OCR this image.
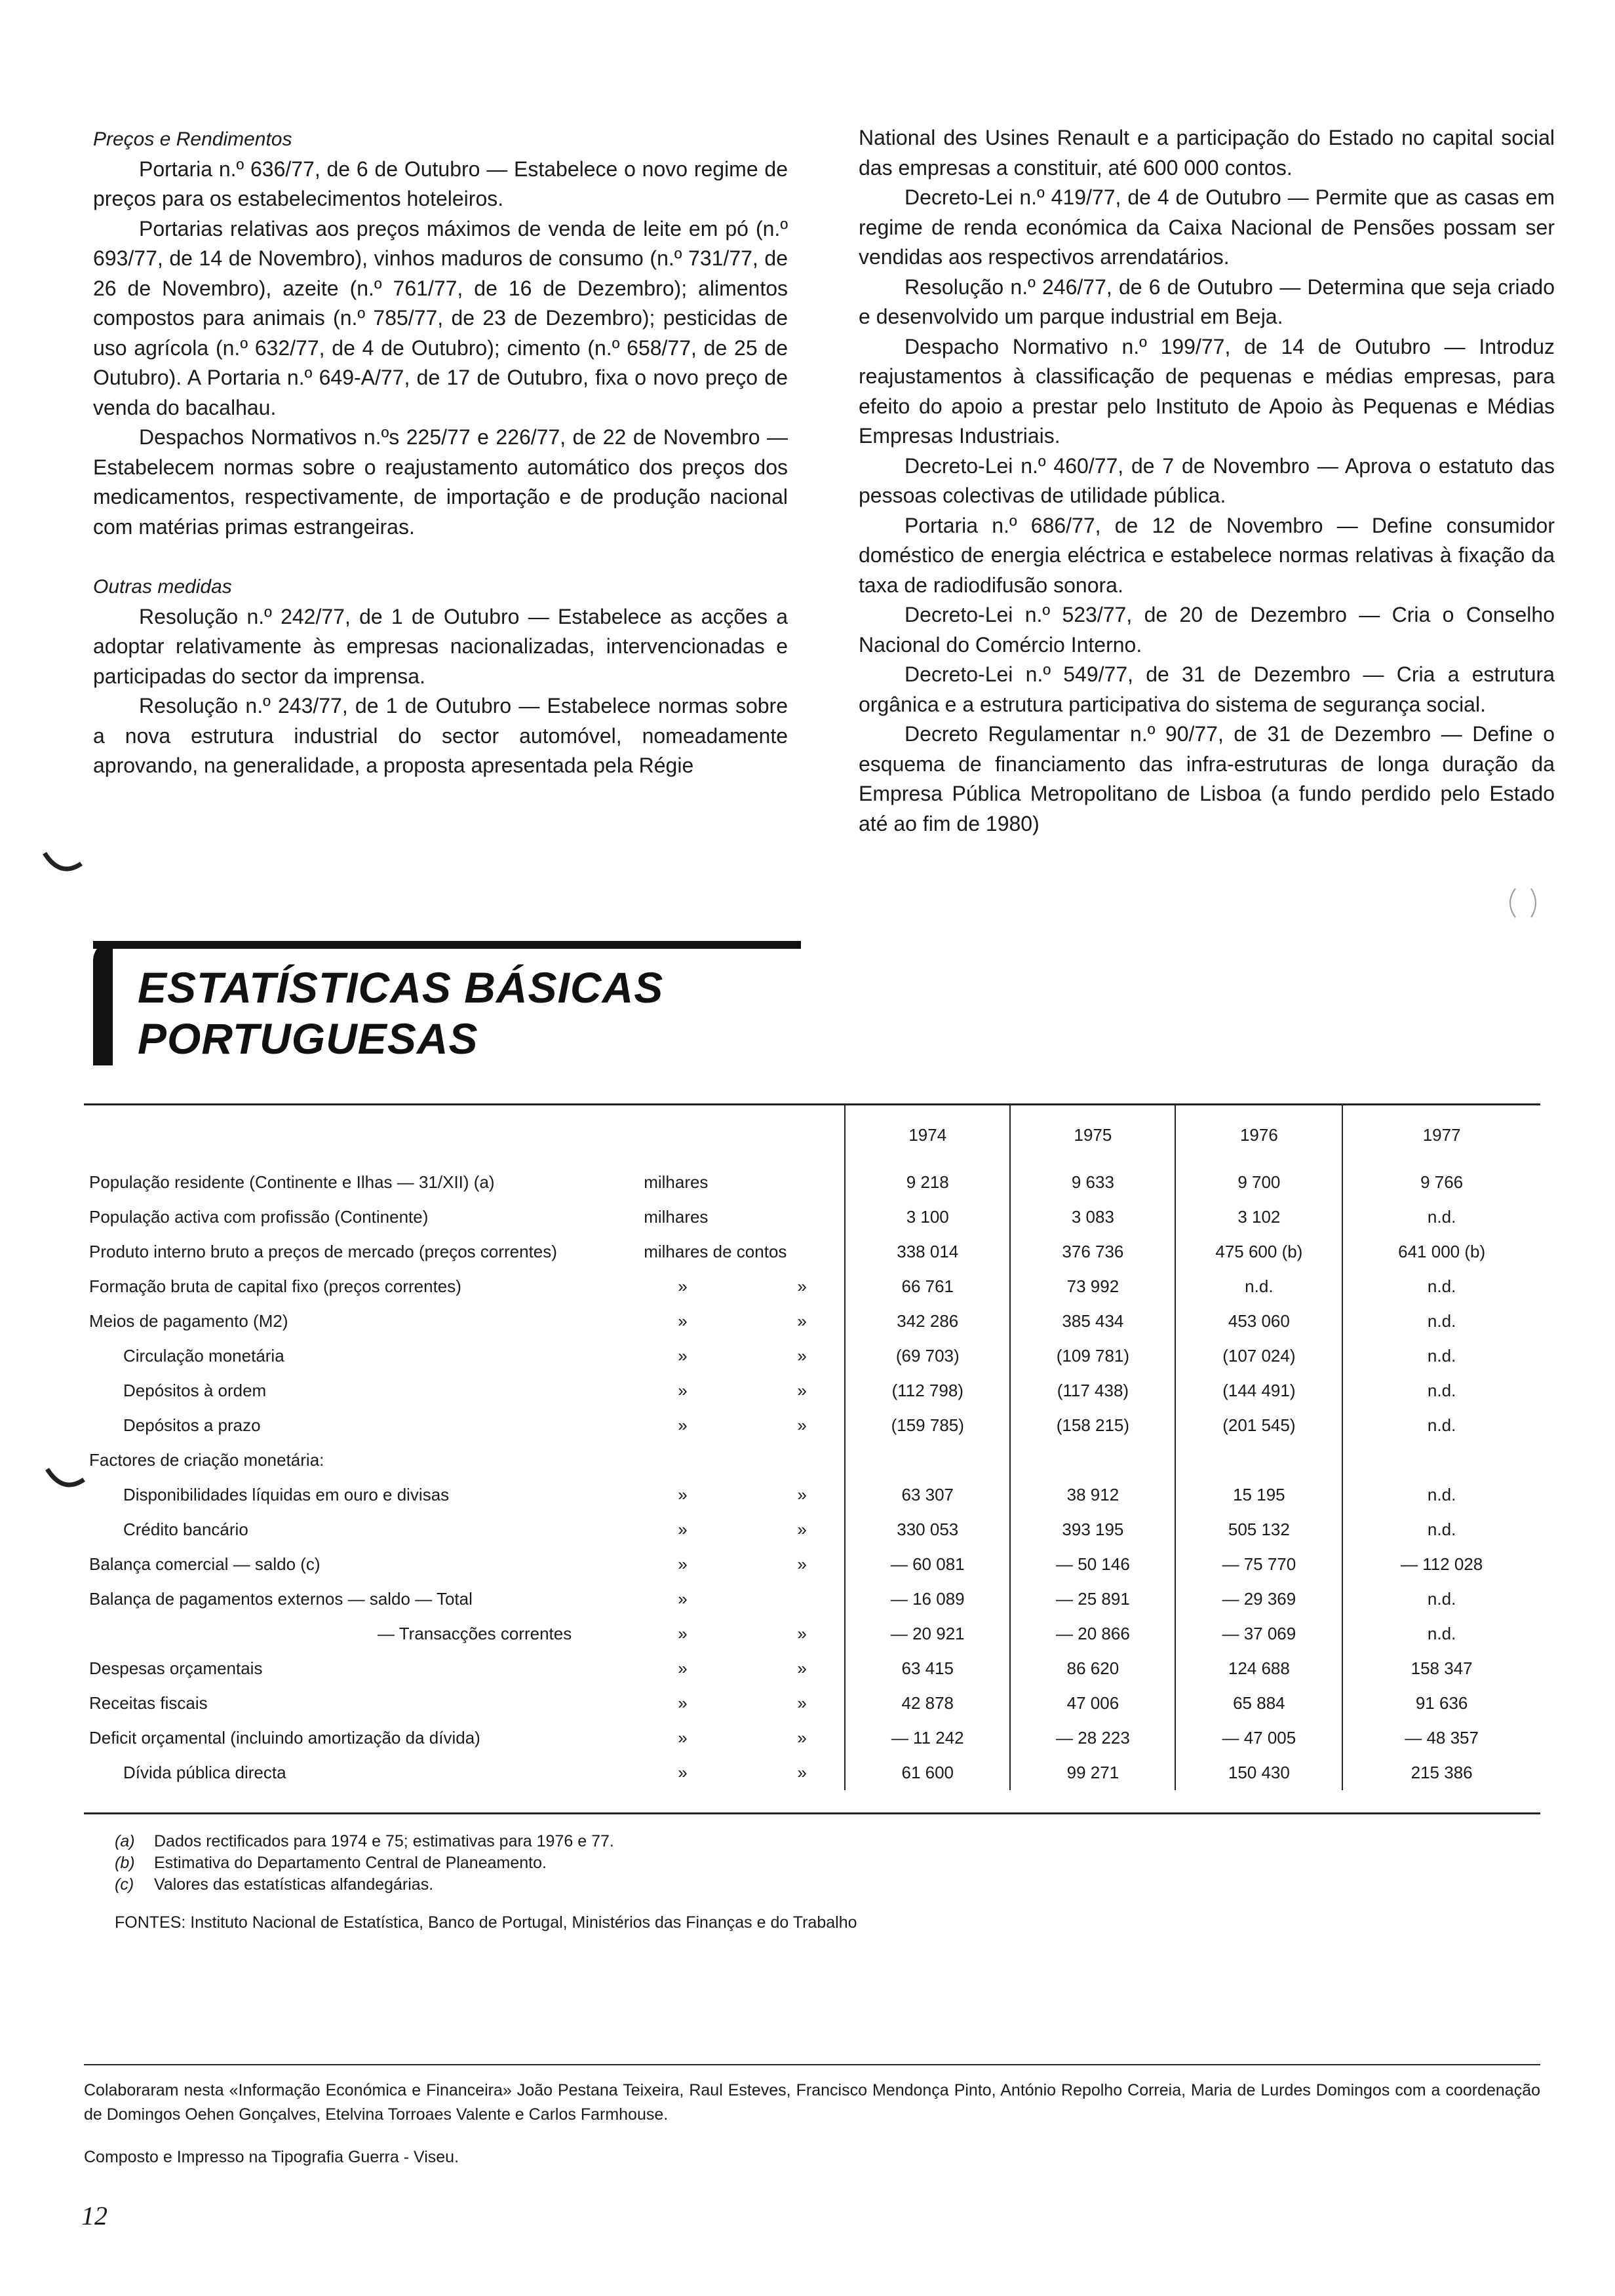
Preços e Rendimentos

Portaria n.º 636/77, de 6 de Outubro — Estabelece o novo regime de preços para os estabelecimentos hoteleiros.

Portarias relativas aos preços máximos de venda de leite em pó (n.º 693/77, de 14 de Novembro), vinhos maduros de consumo (n.º 731/77, de 26 de Novembro), azeite (n.º 761/77, de 16 de Dezembro); alimentos compostos para animais (n.º 785/77, de 23 de Dezembro); pesticidas de uso agrícola (n.º 632/77, de 4 de Outubro); cimento (n.º 658/77, de 25 de Outubro). A Portaria n.º 649-A/77, de 17 de Outubro, fixa o novo preço de venda do bacalhau.

Despachos Normativos n.ºs 225/77 e 226/77, de 22 de Novembro — Estabelecem normas sobre o reajustamento automático dos preços dos medicamentos, respectivamente, de importação e de produção nacional com matérias primas estrangeiras.

Outras medidas

Resolução n.º 242/77, de 1 de Outubro — Estabelece as acções a adoptar relativamente às empresas nacionalizadas, intervencionadas e participadas do sector da imprensa.

Resolução n.º 243/77, de 1 de Outubro — Estabelece normas sobre a nova estrutura industrial do sector automóvel, nomeadamente aprovando, na generalidade, a proposta apresentada pela Régie

National des Usines Renault e a participação do Estado no capital social das empresas a constituir, até 600 000 contos.

Decreto-Lei n.º 419/77, de 4 de Outubro — Permite que as casas em regime de renda económica da Caixa Nacional de Pensões possam ser vendidas aos respectivos arrendatários.

Resolução n.º 246/77, de 6 de Outubro — Determina que seja criado e desenvolvido um parque industrial em Beja.

Despacho Normativo n.º 199/77, de 14 de Outubro — Introduz reajustamentos à classificação de pequenas e médias empresas, para efeito do apoio a prestar pelo Instituto de Apoio às Pequenas e Médias Empresas Industriais.

Decreto-Lei n.º 460/77, de 7 de Novembro — Aprova o estatuto das pessoas colectivas de utilidade pública.

Portaria n.º 686/77, de 12 de Novembro — Define consumidor doméstico de energia eléctrica e estabelece normas relativas à fixação da taxa de radiodifusão sonora.

Decreto-Lei n.º 523/77, de 20 de Dezembro — Cria o Conselho Nacional do Comércio Interno.

Decreto-Lei n.º 549/77, de 31 de Dezembro — Cria a estrutura orgânica e a estrutura participativa do sistema de segurança social.

Decreto Regulamentar n.º 90/77, de 31 de Dezembro — Define o esquema de financiamento das infra-estruturas de longa duração da Empresa Pública Metropolitano de Lisboa (a fundo perdido pelo Estado até ao fim de 1980)

ESTATÍSTICAS BÁSICAS
PORTUGUESAS
			1974	1975	1976	1977
População residente (Continente e Ilhas — 31/XII) (a)	milhares		9 218	9 633	9 700	9 766
População activa com profissão (Continente)	milhares		3 100	3 083	3 102	n.d.
Produto interno bruto a preços de mercado (preços correntes)	milhares de contos		338 014	376 736	475 600 (b)	641 000 (b)
Formação bruta de capital fixo (preços correntes)	»	»	66 761	73 992	n.d.	n.d.
Meios de pagamento (M2)	»	»	342 286	385 434	453 060	n.d.
Circulação monetária	»	»	(69 703)	(109 781)	(107 024)	n.d.
Depósitos à ordem	»	»	(112 798)	(117 438)	(144 491)	n.d.
Depósitos a prazo	»	»	(159 785)	(158 215)	(201 545)	n.d.
Factores de criação monetária:						
Disponibilidades líquidas em ouro e divisas	»	»	63 307	38 912	15 195	n.d.
Crédito bancário	»	»	330 053	393 195	505 132	n.d.
Balança comercial — saldo (c)	»	»	— 60 081	— 50 146	— 75 770	— 112 028
Balança de pagamentos externos — saldo — Total	»		— 16 089	— 25 891	— 29 369	n.d.
— Transacções correntes	»	»	— 20 921	— 20 866	— 37 069	n.d.
Despesas orçamentais	»	»	63 415	86 620	124 688	158 347
Receitas fiscais	»	»	42 878	47 006	65 884	91 636
Deficit orçamental (incluindo amortização da dívida)	»	»	— 11 242	— 28 223	— 47 005	— 48 357
Dívida pública directa	»	»	61 600	99 271	150 430	215 386
(a) Dados rectificados para 1974 e 75; estimativas para 1976 e 77.
(b) Estimativa do Departamento Central de Planeamento.
(c) Valores das estatísticas alfandegárias.
FONTES: Instituto Nacional de Estatística, Banco de Portugal, Ministérios das Finanças e do Trabalho
Colaboraram nesta «Informação Económica e Financeira» João Pestana Teixeira, Raul Esteves, Francisco Mendonça Pinto, António Repolho Correia, Maria de Lurdes Domingos com a coordenação de Domingos Oehen Gonçalves, Etelvina Torroaes Valente e Carlos Farmhouse.
Composto e Impresso na Tipografia Guerra - Viseu.
12
